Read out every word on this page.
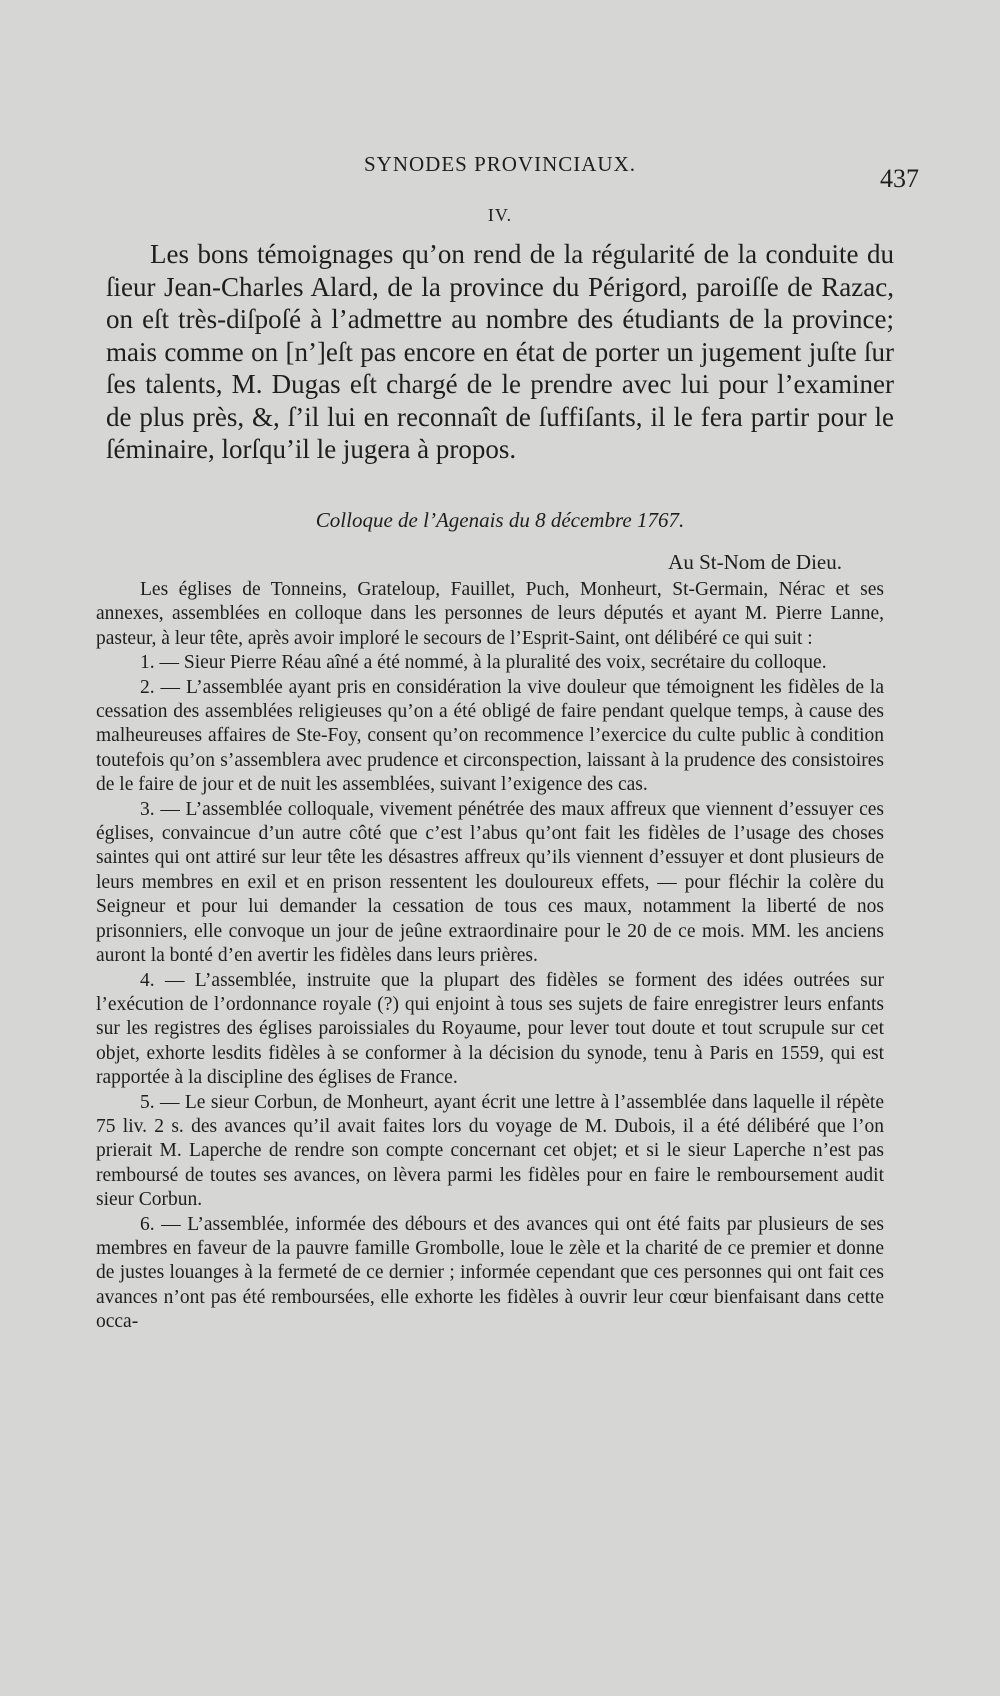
SYNODES PROVINCIAUX.	437
IV.

Les bons témoignages qu’on rend de la régularité de la conduite du ſieur Jean-Charles Alard, de la province du Périgord, paroiſſe de Razac, on eſt très-diſpoſé à l’admettre au nombre des étudiants de la province; mais comme on [n’]eſt pas encore en état de porter un jugement juſte ſur ſes talents, M. Dugas eſt chargé de le prendre avec lui pour l’examiner de plus près, &, ſ’il lui en reconnaît de ſuffiſants, il le fera partir pour le ſéminaire, lorſqu’il le jugera à propos.

Colloque de l’Agenais du 8 décembre 1767.
Au St-Nom de Dieu.

Les églises de Tonneins, Grateloup, Fauillet, Puch, Monheurt, St-Germain, Nérac et ses annexes, assemblées en colloque dans les personnes de leurs députés et ayant M. Pierre Lanne, pasteur, à leur tête, après avoir imploré le secours de l’Esprit-Saint, ont délibéré ce qui suit :

1. — Sieur Pierre Réau aîné a été nommé, à la pluralité des voix, secrétaire du colloque.

2. — L’assemblée ayant pris en considération la vive douleur que témoignent les fidèles de la cessation des assemblées religieuses qu’on a été obligé de faire pendant quelque temps, à cause des malheureuses affaires de Ste-Foy, consent qu’on recommence l’exercice du culte public à condition toutefois qu’on s’assemblera avec prudence et circonspection, laissant à la prudence des consistoires de le faire de jour et de nuit les assemblées, suivant l’exigence des cas.

3. — L’assemblée colloquale, vivement pénétrée des maux affreux que viennent d’essuyer ces églises, convaincue d’un autre côté que c’est l’abus qu’ont fait les fidèles de l’usage des choses saintes qui ont attiré sur leur tête les désastres affreux qu’ils viennent d’essuyer et dont plusieurs de leurs membres en exil et en prison ressentent les douloureux effets, — pour fléchir la colère du Seigneur et pour lui demander la cessation de tous ces maux, notamment la liberté de nos prisonniers, elle convoque un jour de jeûne extraordinaire pour le 20 de ce mois. MM. les anciens auront la bonté d’en avertir les fidèles dans leurs prières.

4. — L’assemblée, instruite que la plupart des fidèles se forment des idées outrées sur l’exécution de l’ordonnance royale (?) qui enjoint à tous ses sujets de faire enregistrer leurs enfants sur les registres des églises paroissiales du Royaume, pour lever tout doute et tout scrupule sur cet objet, exhorte lesdits fidèles à se conformer à la décision du synode, tenu à Paris en 1559, qui est rapportée à la discipline des églises de France.

5. — Le sieur Corbun, de Monheurt, ayant écrit une lettre à l’assemblée dans laquelle il répète 75 liv. 2 s. des avances qu’il avait faites lors du voyage de M. Dubois, il a été délibéré que l’on prierait M. Laperche de rendre son compte concernant cet objet; et si le sieur Laperche n’est pas remboursé de toutes ses avances, on lèvera parmi les fidèles pour en faire le remboursement audit sieur Corbun.

6. — L’assemblée, informée des débours et des avances qui ont été faits par plusieurs de ses membres en faveur de la pauvre famille Grombolle, loue le zèle et la charité de ce premier et donne de justes louanges à la fermeté de ce dernier ; informée cependant que ces personnes qui ont fait ces avances n’ont pas été remboursées, elle exhorte les fidèles à ouvrir leur cœur bienfaisant dans cette occa-
